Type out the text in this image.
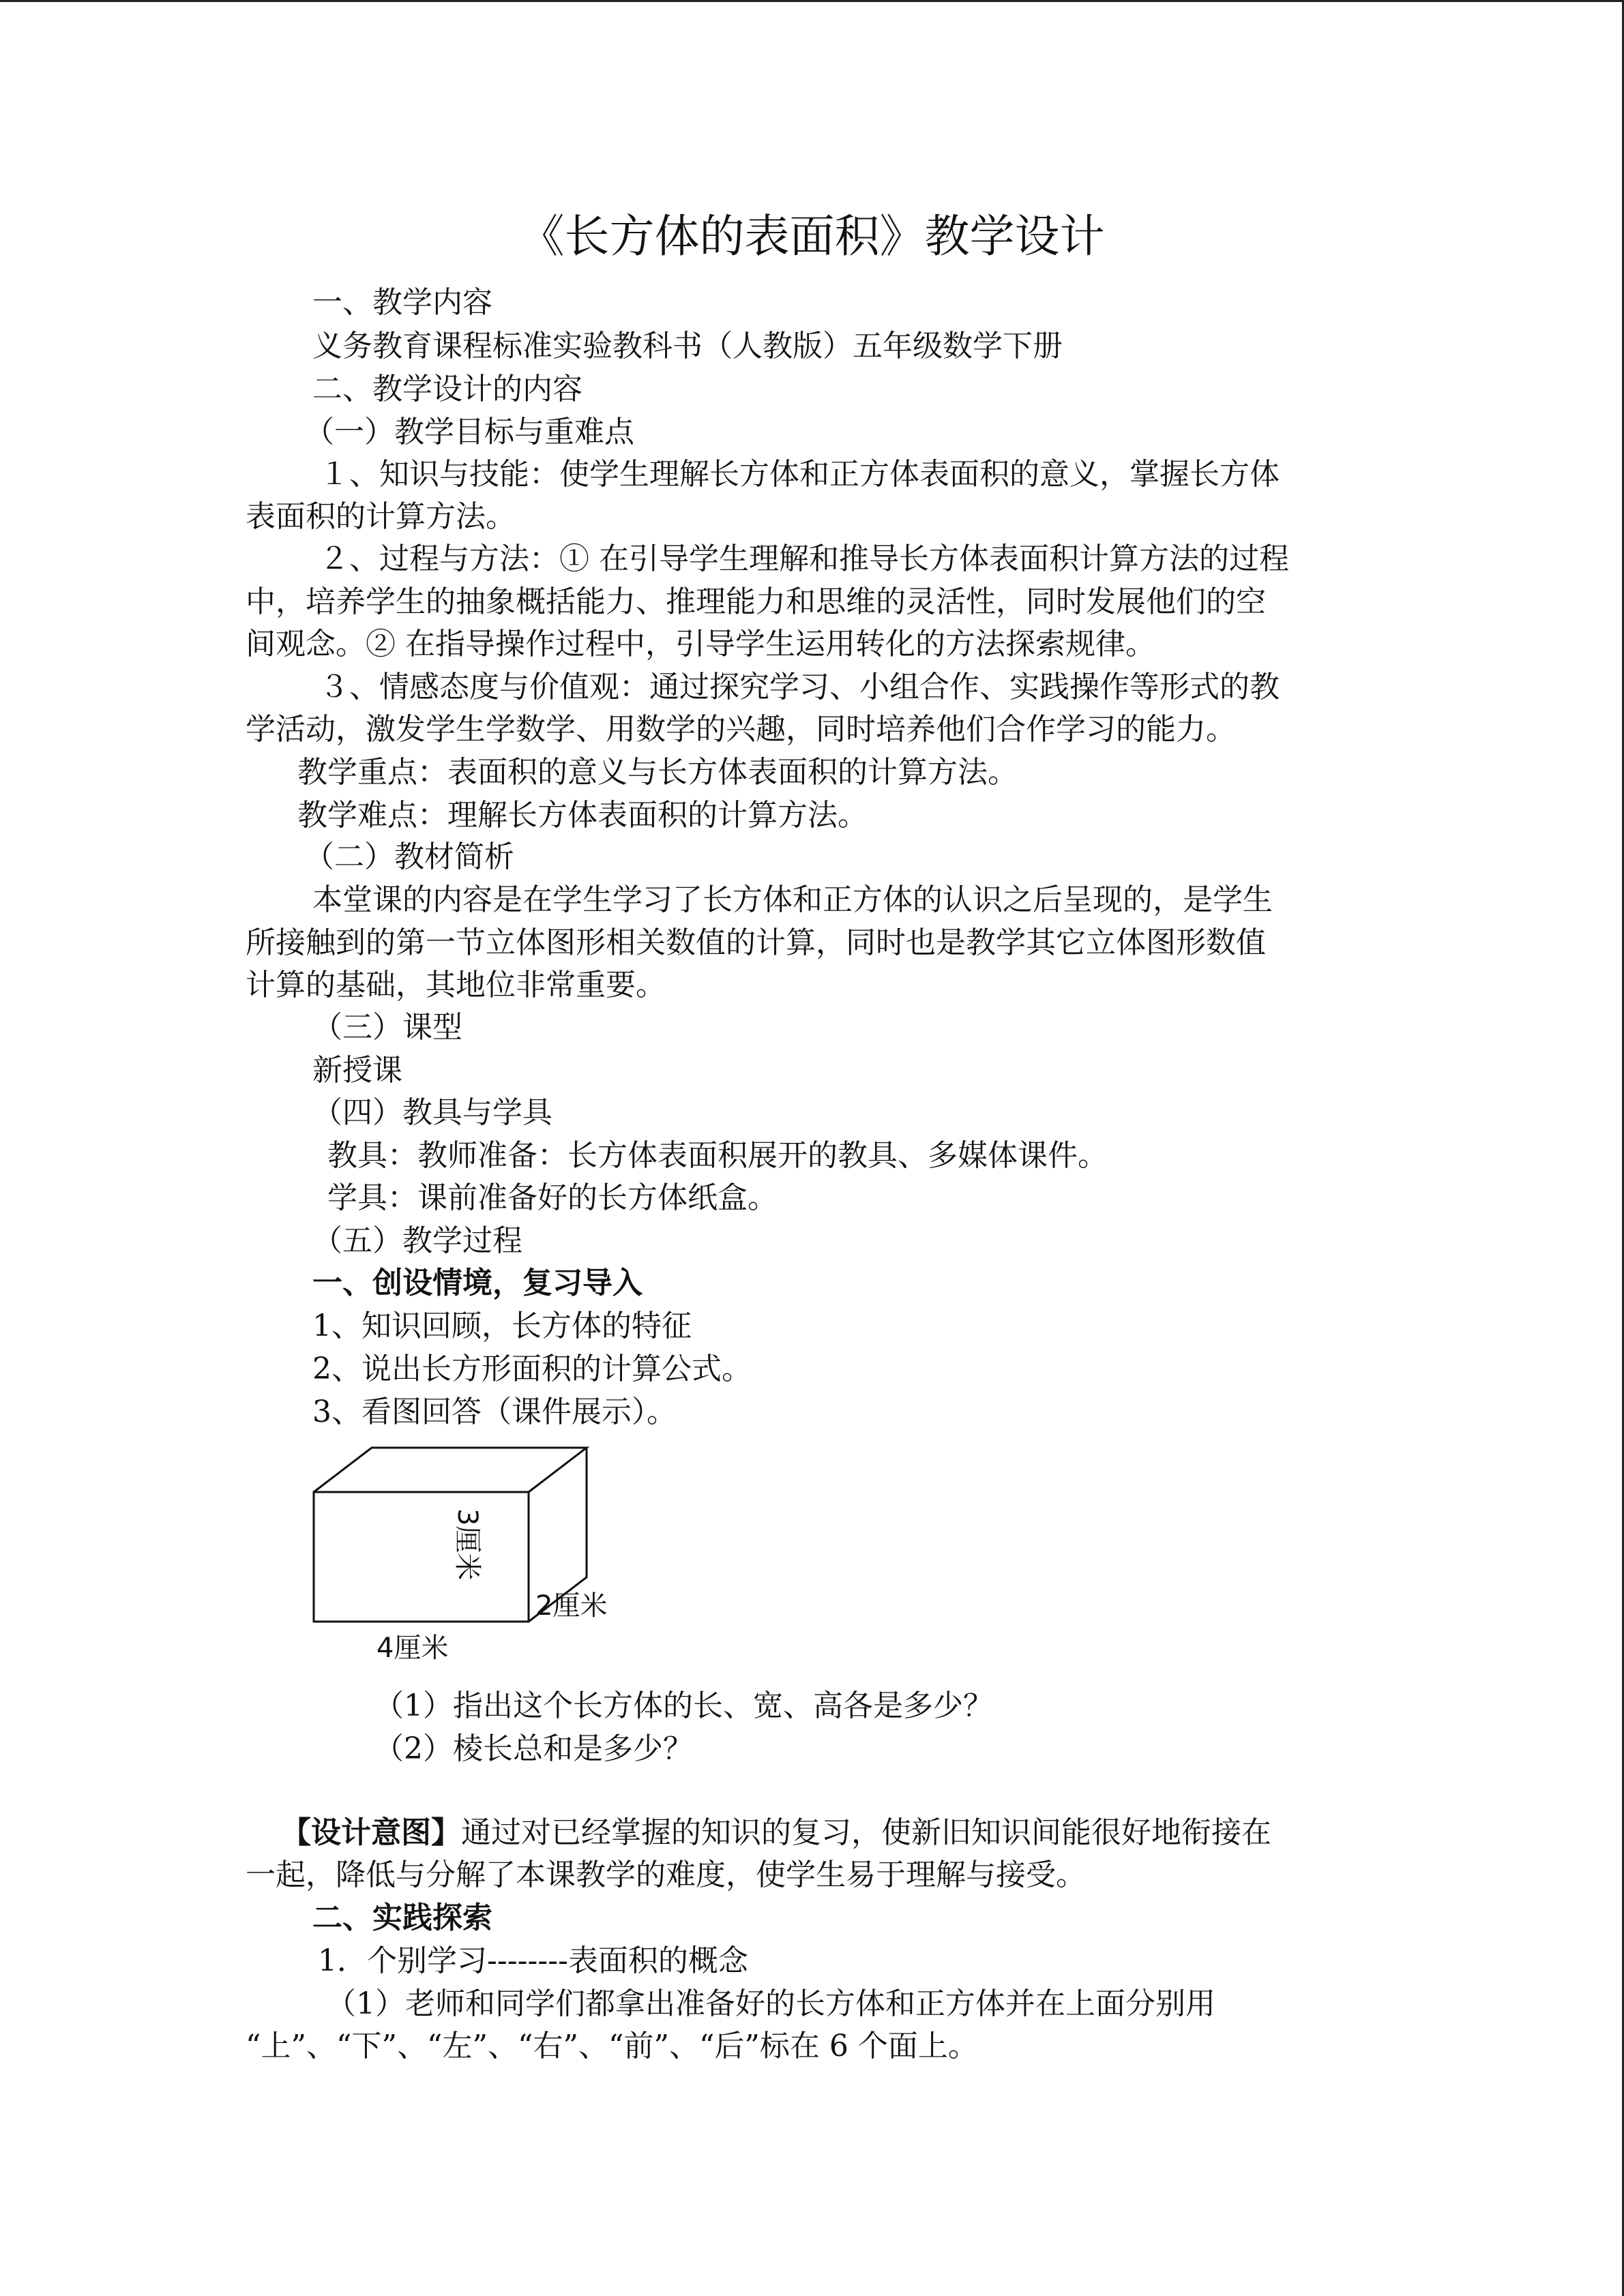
《长方体的表面积》教学设计
一、教学内容
义务教育课程标准实验教科书（人教版）五年级数学下册
二、教学设计的内容
（一）教学目标与重难点
１、知识与技能：使学生理解长方体和正方体表面积的意义，掌握长方体
表面积的计算方法。
２、过程与方法：① 在引导学生理解和推导长方体表面积计算方法的过程
中，培养学生的抽象概括能力、推理能力和思维的灵活性，同时发展他们的空
间观念。② 在指导操作过程中，引导学生运用转化的方法探索规律。
３、情感态度与价值观：通过探究学习、小组合作、实践操作等形式的教
学活动，激发学生学数学、用数学的兴趣，同时培养他们合作学习的能力。
教学重点：表面积的意义与长方体表面积的计算方法。
教学难点：理解长方体表面积的计算方法。
（二）教材简析
本堂课的内容是在学生学习了长方体和正方体的认识之后呈现的，是学生
所接触到的第一节立体图形相关数值的计算，同时也是教学其它立体图形数值
计算的基础，其地位非常重要。
（三）课型
新授课
（四）教具与学具
教具：教师准备：长方体表面积展开的教具、多媒体课件。
学具：课前准备好的长方体纸盒。
（五）教学过程
一、创设情境，复习导入
1、知识回顾，长方体的特征
2、说出长方形面积的计算公式。
3、看图回答（课件展示）。
3厘米
2厘米
4厘米
（1）指出这个长方体的长、宽、高各是多少？
（2）棱长总和是多少？
【设计意图】通过对已经掌握的知识的复习，使新旧知识间能很好地衔接在
一起，降低与分解了本课教学的难度，使学生易于理解与接受。
二、实践探索
1．个别学习--------表面积的概念
（1）老师和同学们都拿出准备好的长方体和正方体并在上面分别用
“上”、“下”、“左”、“右”、“前”、“后”标在 6 个面上。
